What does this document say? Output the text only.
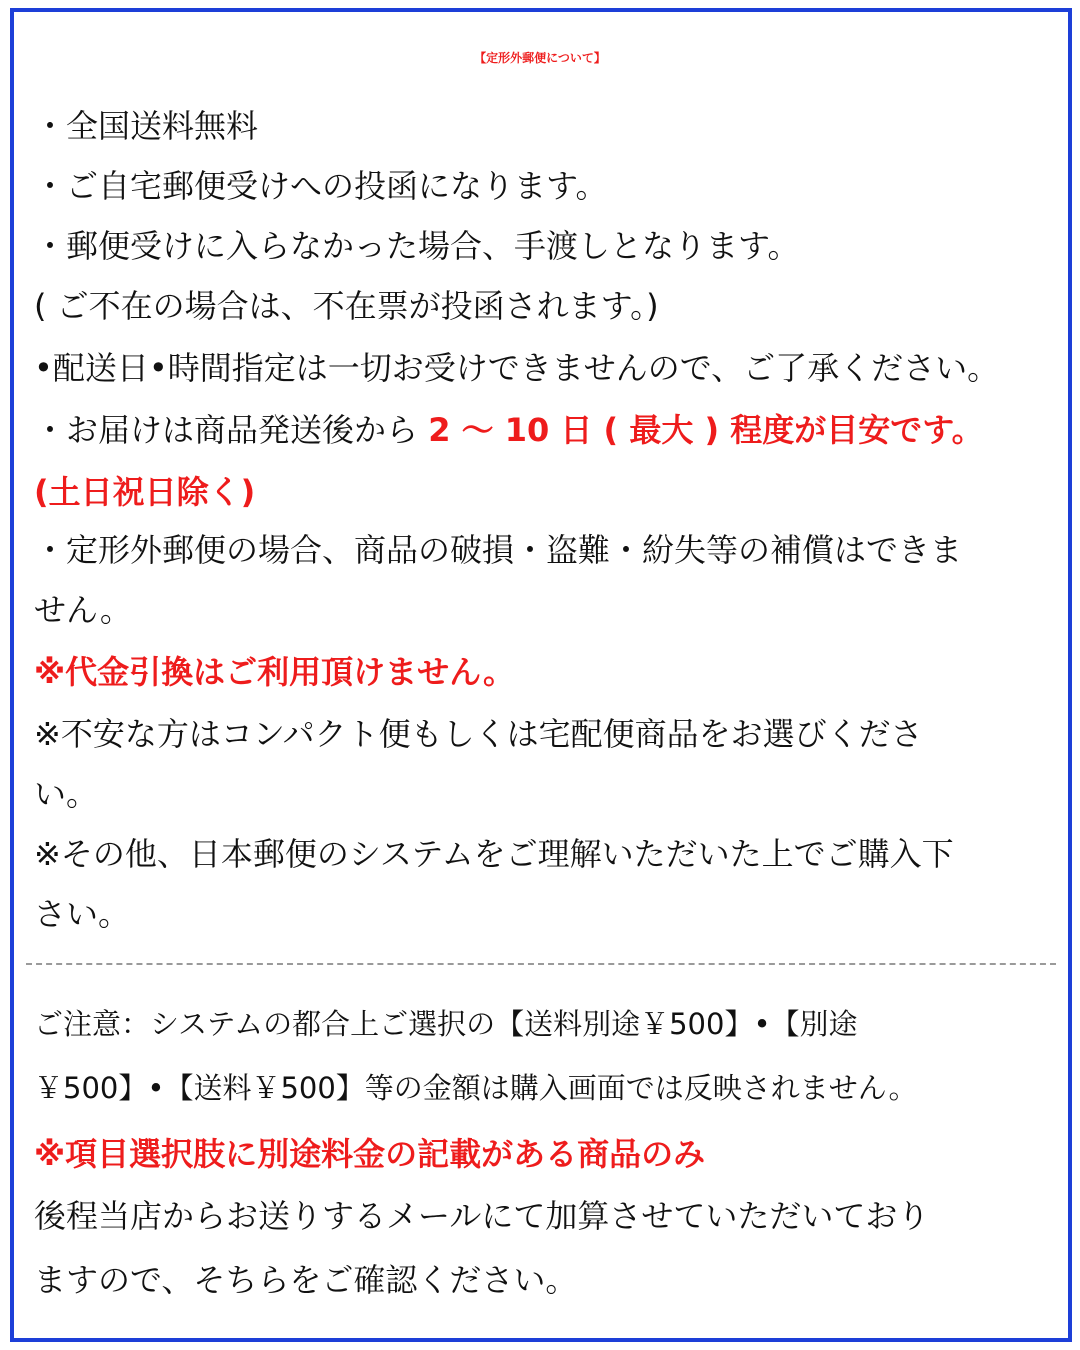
【定形外郵便について】
・全国送料無料
・ご自宅郵便受けへの投函になります。
・郵便受けに入らなかった場合、手渡しとなります。
( ご不在の場合は、不在票が投函されます。)
•配送日•時間指定は一切お受けできませんので、ご了承ください。
・お届けは商品発送後から 2 ～ 10 日 ( 最大 ) 程度が目安です。
(土日祝日除く)
・定形外郵便の場合、商品の破損・盗難・紛失等の補償はできま
せん。
※代金引換はご利用頂けません。
※不安な方はコンパクト便もしくは宅配便商品をお選びくださ
い。
※その他、日本郵便のシステムをご理解いただいた上でご購入下
さい。
ご注意：システムの都合上ご選択の【送料別途￥500】•【別途
￥500】•【送料￥500】等の金額は購入画面では反映されません。
※項目選択肢に別途料金の記載がある商品のみ
後程当店からお送りするメールにて加算させていただいており
ますので、そちらをご確認ください。
